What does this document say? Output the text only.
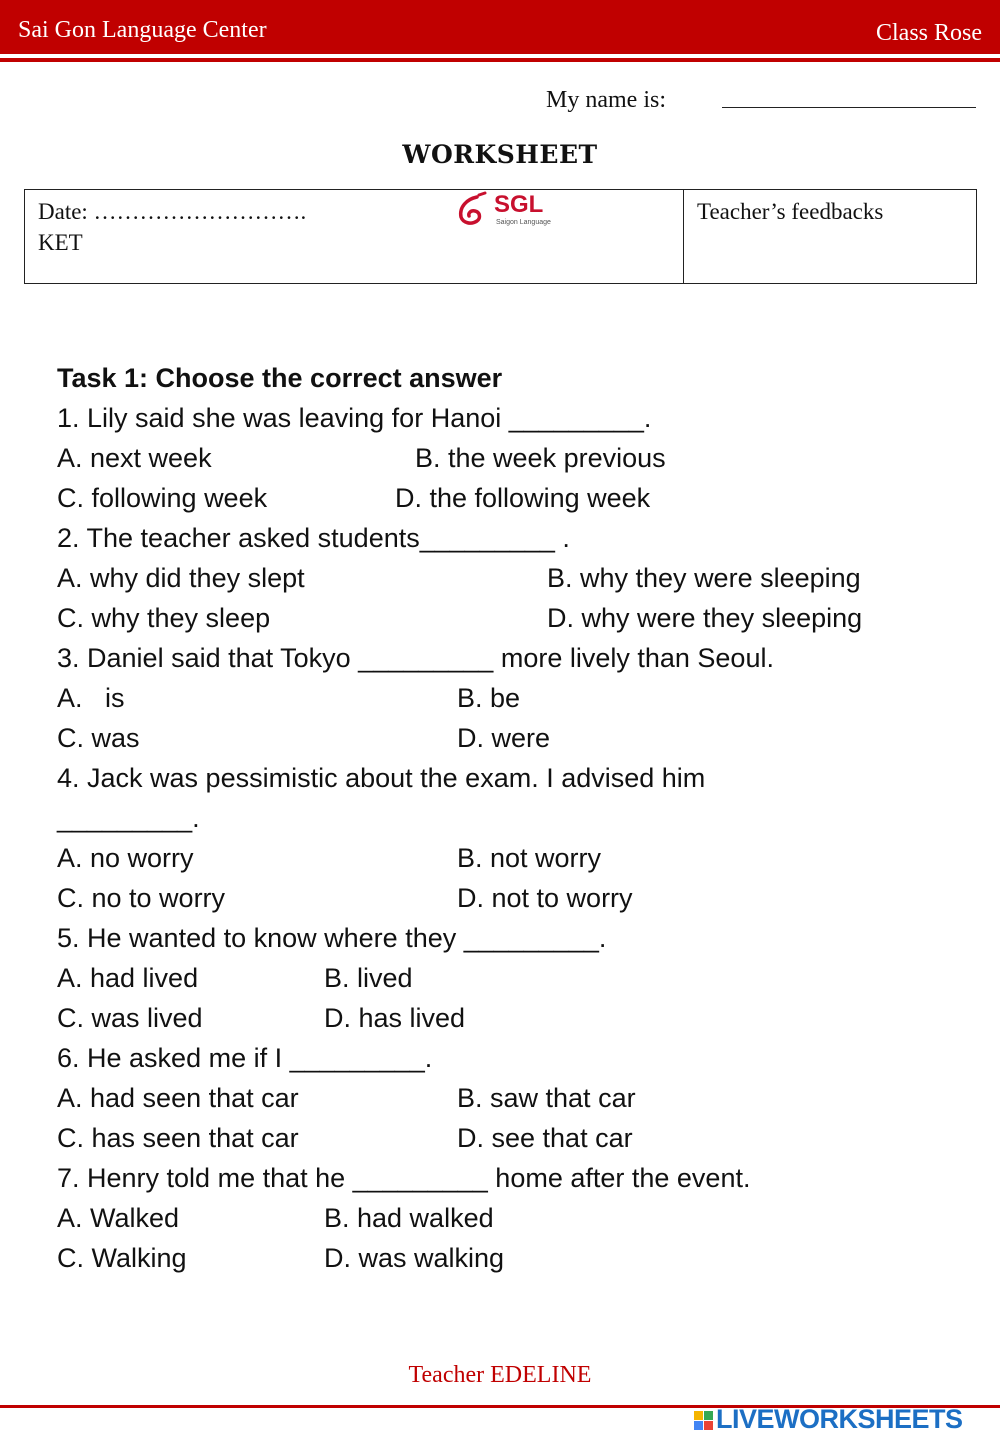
Sai Gon Language Center	Class Rose
My name is:
WORKSHEET
Date: ……………………….
KET
Teacher’s feedbacks
SGL
Saigon Language
Task 1: Choose the correct answer
1. Lily said she was leaving for Hanoi _________.
A. next week	B. the week previous
C. following week	D. the following week
2. The teacher asked students_________ .
A. why did they slept	B. why they were sleeping
C. why they sleep	D. why were they sleeping
3. Daniel said that Tokyo _________ more lively than Seoul.
A.   is	B. be
C. was	D. were
4. Jack was pessimistic about the exam. I advised him
_________.
A. no worry	B. not worry
C. no to worry	D. not to worry
5. He wanted to know where they _________.
A. had lived	B. lived
C. was lived	D. has lived
6. He asked me if I _________.
A. had seen that car	B. saw that car
C. has seen that car	D. see that car
7. Henry told me that he _________ home after the event.
A. Walked	B. had walked
C. Walking	D. was walking
Teacher EDELINE
LIVEWORKSHEETS
